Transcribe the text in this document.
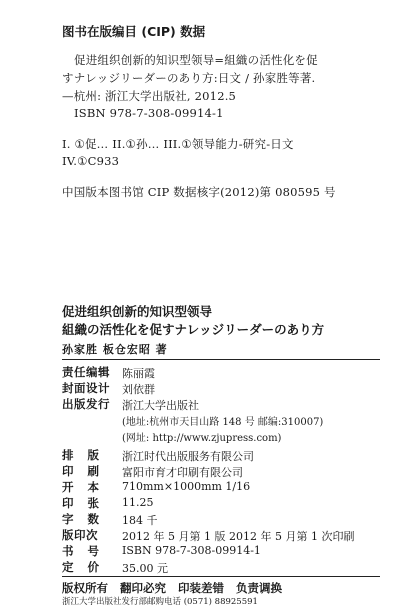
图书在版编目 (CIP) 数据
促进组织创新的知识型领导=組織の活性化を促
すナレッジリーダーのあり方:日文 / 孙家胜等著.
—杭州: 浙江大学出版社, 2012.5
ISBN 978-7-308-09914-1
I. ①促… II.①孙… III.①领导能力-研究-日文
IV.①C933
中国版本图书馆 CIP 数据核字(2012)第 080595 号
促进组织创新的知识型领导
組織の活性化を促すナレッジリーダーのあり方
孙家胜 板仓宏昭 著
责任编辑 陈丽霞
封面设计 刘依群
出版发行 浙江大学出版社
(地址:杭州市天目山路 148 号 邮编:310007)
(网址: http://www.zjupress.com)
排版 浙江时代出版服务有限公司
印刷 富阳市育才印刷有限公司
开本 710mm×1000mm 1/16
印张 11.25
字数 184 千
版印次 2012 年 5 月第 1 版 2012 年 5 月第 1 次印刷
书号 ISBN 978-7-308-09914-1
定价 35.00 元
版权所有 翻印必究 印装差错 负责调换
浙江大学出版社发行部邮购电话 (0571) 88925591
